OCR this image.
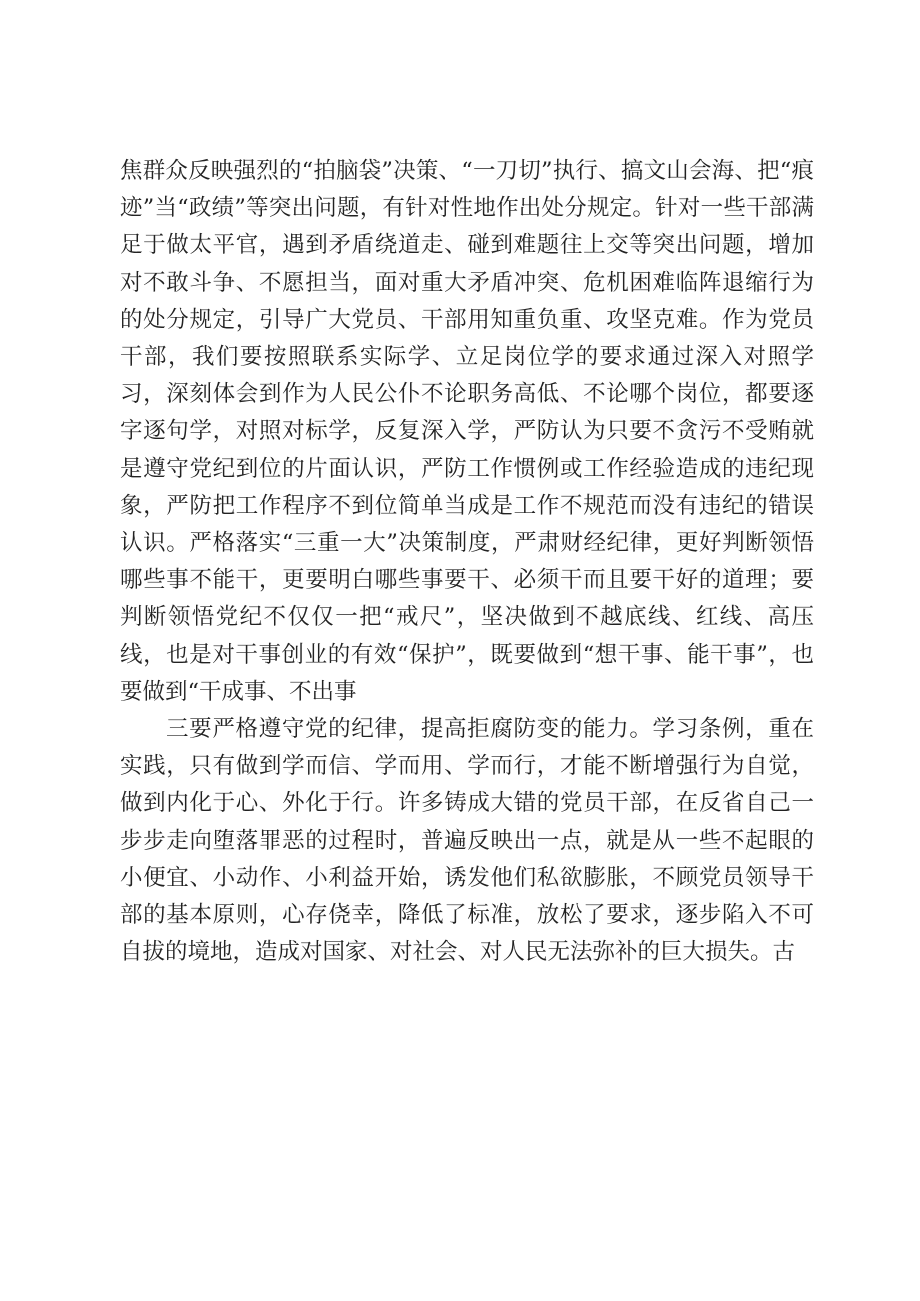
焦群众反映强烈的“拍脑袋”决策、“一刀切”执行、搞文山会海、把“痕迹”当“政绩”等突出问题，有针对性地作出处分规定。针对一些干部满足于做太平官，遇到矛盾绕道走、碰到难题往上交等突出问题，增加对不敢斗争、不愿担当，面对重大矛盾冲突、危机困难临阵退缩行为的处分规定，引导广大党员、干部用知重负重、攻坚克难。作为党员干部，我们要按照联系实际学、立足岗位学的要求通过深入对照学习，深刻体会到作为人民公仆不论职务高低、不论哪个岗位，都要逐字逐句学，对照对标学，反复深入学，严防认为只要不贪污不受贿就是遵守党纪到位的片面认识，严防工作惯例或工作经验造成的违纪现象，严防把工作程序不到位简单当成是工作不规范而没有违纪的错误认识。严格落实“三重一大”决策制度，严肃财经纪律，更好判断领悟哪些事不能干，更要明白哪些事要干、必须干而且要干好的道理；要判断领悟党纪不仅仅一把“戒尺”，坚决做到不越底线、红线、高压线，也是对干事创业的有效“保护”，既要做到“想干事、能干事”，也要做到“干成事、不出事

三要严格遵守党的纪律，提高拒腐防变的能力。学习条例，重在实践，只有做到学而信、学而用、学而行，才能不断增强行为自觉，做到内化于心、外化于行。许多铸成大错的党员干部，在反省自己一步步走向堕落罪恶的过程时，普遍反映出一点，就是从一些不起眼的小便宜、小动作、小利益开始，诱发他们私欲膨胀，不顾党员领导干部的基本原则，心存侥幸，降低了标准，放松了要求，逐步陷入不可自拔的境地，造成对国家、对社会、对人民无法弥补的巨大损失。古
